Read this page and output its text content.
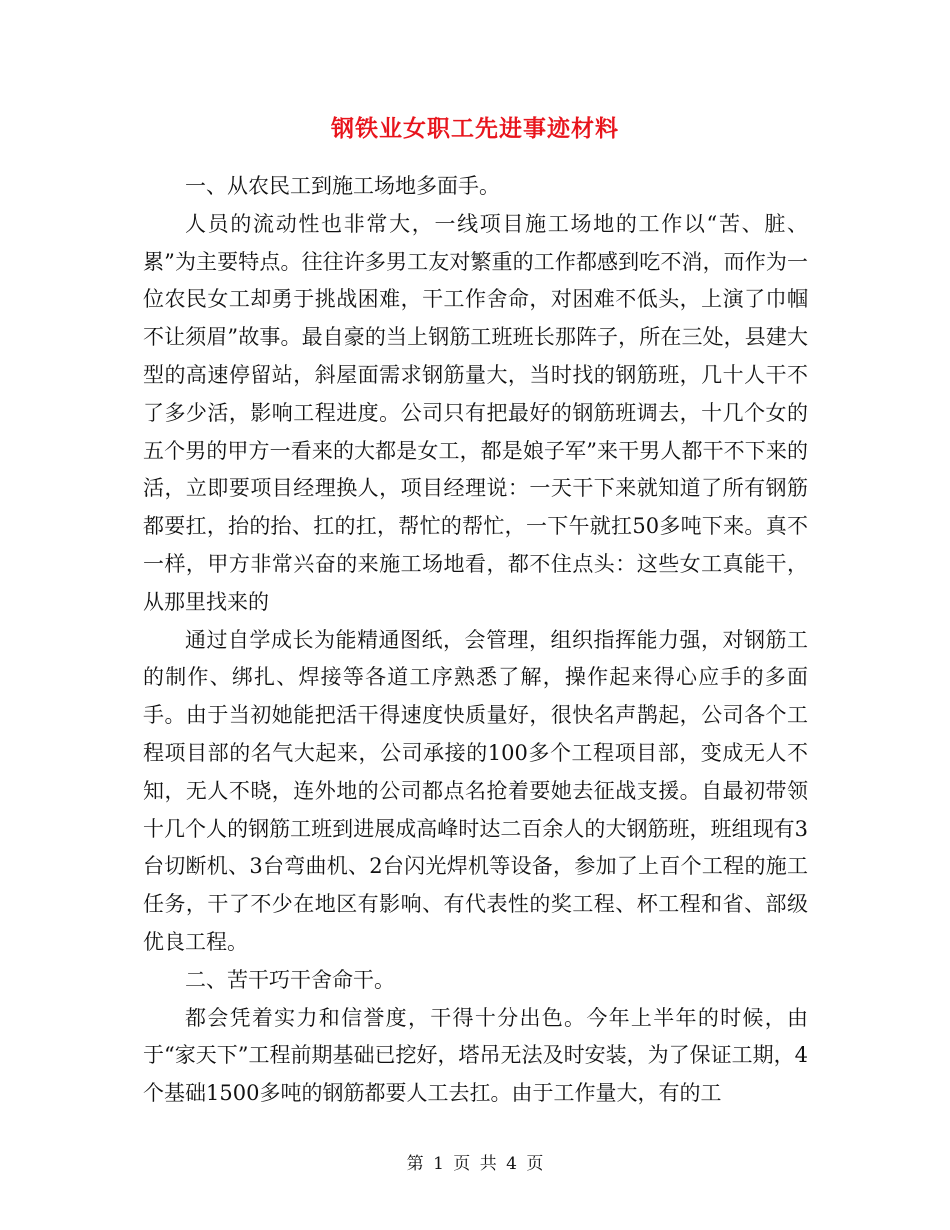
钢铁业女职工先进事迹材料

一、从农民工到施工场地多面手。

人员的流动性也非常大，一线项目施工场地的工作以“苦、脏、累”为主要特点。往往许多男工友对繁重的工作都感到吃不消，而作为一位农民女工却勇于挑战困难，干工作舍命，对困难不低头，上演了巾帼不让须眉”故事。最自豪的当上钢筋工班班长那阵子，所在三处，县建大型的高速停留站，斜屋面需求钢筋量大，当时找的钢筋班，几十人干不了多少活，影响工程进度。公司只有把最好的钢筋班调去，十几个女的五个男的甲方一看来的大都是女工，都是娘子军”来干男人都干不下来的活，立即要项目经理换人，项目经理说：一天干下来就知道了所有钢筋都要扛，抬的抬、扛的扛，帮忙的帮忙，一下午就扛50多吨下来。真不一样，甲方非常兴奋的来施工场地看，都不住点头：这些女工真能干，从那里找来的

通过自学成长为能精通图纸，会管理，组织指挥能力强，对钢筋工的制作、绑扎、焊接等各道工序熟悉了解，操作起来得心应手的多面手。由于当初她能把活干得速度快质量好，很快名声鹊起，公司各个工程项目部的名气大起来，公司承接的100多个工程项目部，变成无人不知，无人不晓，连外地的公司都点名抢着要她去征战支援。自最初带领十几个人的钢筋工班到进展成高峰时达二百余人的大钢筋班，班组现有3台切断机、3台弯曲机、2台闪光焊机等设备，参加了上百个工程的施工任务，干了不少在地区有影响、有代表性的奖工程、杯工程和省、部级优良工程。

二、苦干巧干舍命干。

都会凭着实力和信誉度，干得十分出色。今年上半年的时候，由于“家天下”工程前期基础已挖好，塔吊无法及时安装，为了保证工期，4个基础1500多吨的钢筋都要人工去扛。由于工作量大，有的工

第 1 页 共 4 页
